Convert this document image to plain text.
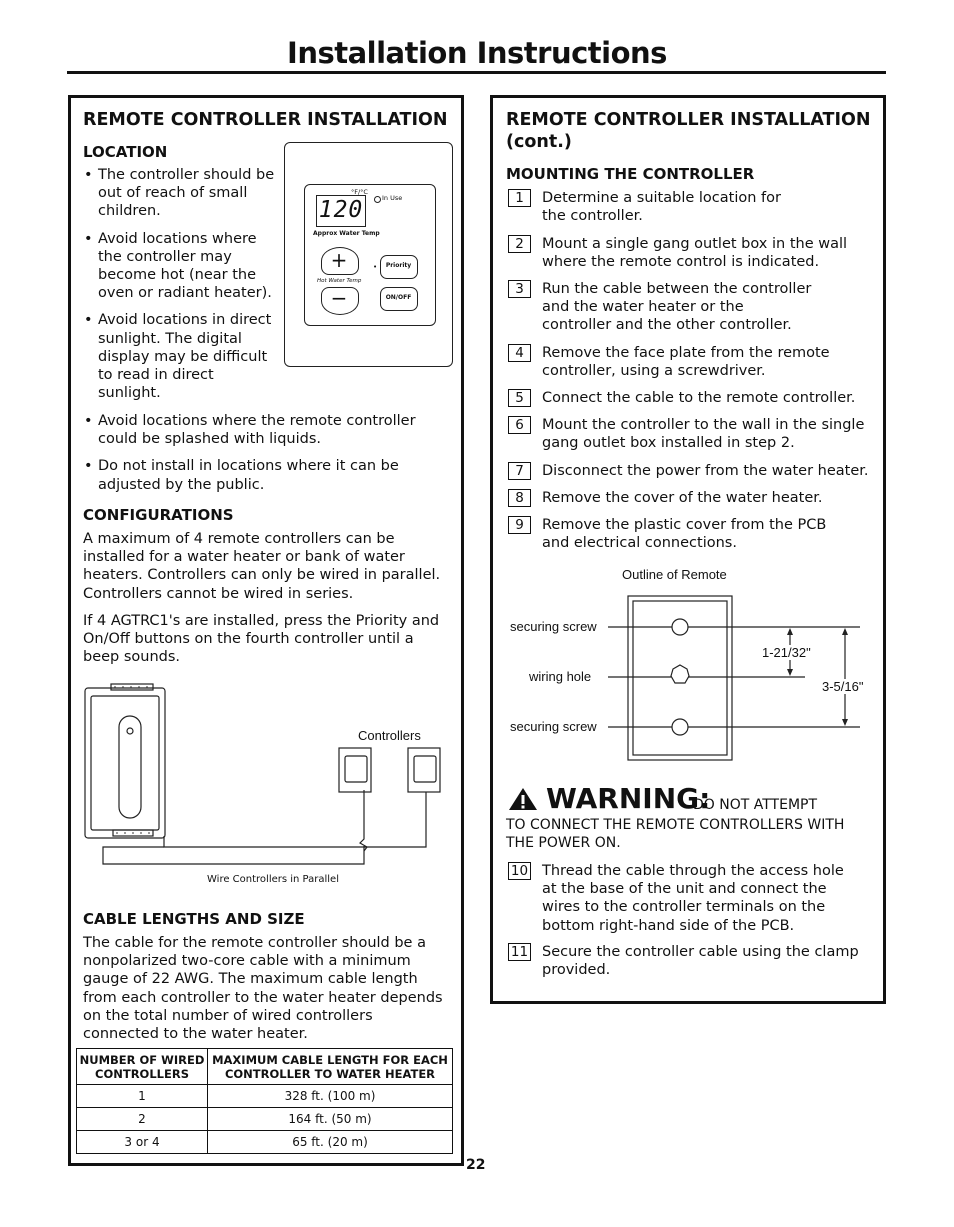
Installation Instructions
REMOTE CONTROLLER INSTALLATION
LOCATION
• The controller should be out of reach of small children.
• Avoid locations where the controller may become hot (near the oven or radiant heater).
• Avoid locations in direct sunlight. The digital display may be difficult to read in direct sunlight.
120
°F/°C
In Use
Approx Water Temp
+
Hot Water Temp
−
•	Priority
ON/OFF
• Avoid locations where the remote controller could be splashed with liquids.
• Do not install in locations where it can be adjusted by the public.
CONFIGURATIONS
A maximum of 4 remote controllers can be installed for a water heater or bank of water heaters. Controllers can only be wired in parallel. Controllers cannot be wired in series.
If 4 AGTRC1's are installed, press the Priority and On/Off buttons on the fourth controller until a beep sounds.
Controllers
Wire Controllers in Parallel
CABLE LENGTHS AND SIZE
The cable for the remote controller should be a nonpolarized two-core cable with a minimum gauge of 22 AWG. The maximum cable length from each controller to the water heater depends on the total number of wired controllers connected to the water heater.
NUMBER OF WIRED CONTROLLERS	MAXIMUM CABLE LENGTH FOR EACH CONTROLLER TO WATER HEATER
1	328 ft. (100 m)
2	164 ft. (50 m)
3 or 4	65 ft. (20 m)
REMOTE CONTROLLER INSTALLATION
(cont.)
MOUNTING THE CONTROLLER
1	Determine a suitable location for the controller.
2	Mount a single gang outlet box in the wall where the remote control is indicated.
3	Run the cable between the controller and the water heater or the controller and the other controller.
4	Remove the face plate from the remote controller, using a screwdriver.
5	Connect the cable to the remote controller.
6	Mount the controller to the wall in the single gang outlet box installed in step 2.
7	Disconnect the power from the water heater.
8	Remove the cover of the water heater.
9	Remove the plastic cover from the PCB and electrical connections.
Outline of Remote
securing screw
wiring hole
securing screw
1-21/32"
3-5/16"
WARNING:
DO NOT ATTEMPT
TO CONNECT THE REMOTE CONTROLLERS WITH THE POWER ON.
10 Thread the cable through the access hole at the base of the unit and connect the wires to the controller terminals on the bottom right-hand side of the PCB.
11 Secure the controller cable using the clamp provided.
22
